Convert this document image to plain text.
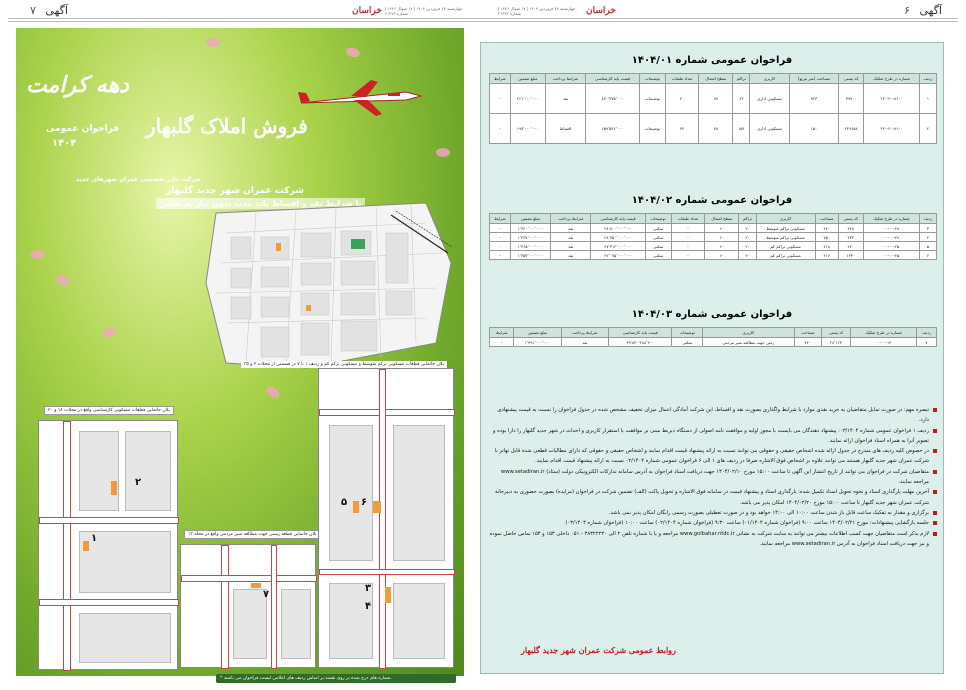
۷ آگهی	خراسان چهارشنبه ۲۷ فروردین ۱۴۰۴ | ۱۷ شوال ۱۴۴۶ | شماره ۲۱۳۷۶
چهارشنبه ۲۷ فروردین ۱۴۰۴ | ۱۷ شوال ۱۴۴۶ | شماره ۲۱۳۷۶	خراسان	آگهی ۶
دهه کرامت
فروش املاک گلبهار
فراخوان عمومی
۱۴۰۴
شرکت مادر تخصصی عمران شهرهای جدید
شرکت عمران شهر جدید گلبهار
با شرایط نقد و اقساط بلند مدت بدون نیاز به ضامن
پلان جانمایی قطعات مسکونی ترکم متوسط و مسکونی ترکم کم و ردیف ۱ تا ۷ در قسمتی از محلات ۲ و ۳۵
پلان جانمایی قطعات مسکونی کارشناسی واقع در محلات ۱۸ و ۲۰
۲
۱	پلان جانمایی قطعه رسنی جهت مطالعه سیر مردمی واقع در محله ۱۳
۷
۵ ۶
۳
۴
* شماره های درج شده بر روی نقشه بر اساس ردیف های اعلامی لیست فراخوان می باشند.
فراخوان عمومی شماره ۱۴۰۴/۰۱
شرایط	مبلغ تضمین	شرایط پرداخت	قیمت پایه کارشناسی	توضیحات	تعداد طبقات	سطح اشغال	تراکم	کاربری	مساحت (متر مربع)	کد پستی	شماره در طرح تفکیک	ردیف
-	۲۶۱٬۰۰۰٬۰۰۰	نقد	۸۷۰٬۳۷۵٬۰۰۰	توضیحات	۴۰	۷۸	۶۲	مسکونی اداری	۹۲۳	۳۹۷۰۰	۲۳۰-۲۰-۸۶۰۰	۱
-	۱۹۷٬۰۰۰٬۰۰۰	اقساط	۶۵۹٬۵۲۶٬۰۰۰	توضیحات	۳۴	۴۸	۱۵۴	مسکونی اداری	۱۵۰	۲۲۷۶۵۸	۲۳۰-۲۰-۸۶۰۰	۲
فراخوان عمومی شماره ۱۴۰۴/۰۲
شرایط	مبلغ تضمین	شرایط پرداخت	قیمت پایه کارشناسی	توضیحات	تعداد طبقات	سطح اشغال	تراکم	کاربری	مساحت	کد پستی	شماره در طرح تفکیک	ردیف
-	۱٬۴۴۰٬۰۰۰٬۰۰۰	نقد	۲۸٬۸۰۰٬۰۰۰٬۰۰۰	سکنی	-	۶۰	۲۰	مسکونی تراکم متوسط	۲۴۰	۲۲۸	۰۰-۰۰-۲۸	۳
-	۱٬۴۳۷٬۰۰۰٬۰۰۰	نقد	۲۸٬۷۵۰٬۰۰۰٬۰۰۰	سکنی	-	۶۰	۲۰	مسکونی تراکم متوسط	۲۵۰	۲۳۳	۰۰-۰۰-۲۸	۴
-	۱٬۳۶۵٬۰۰۰٬۰۰۰	نقد	۲۷٬۳۱۲٬۰۰۰٬۰۰۰	سکنی	-	۶۰	۲۰	مسکونی تراکم کم	۲۱۸	۲۲۰	۰۰-۰۰-۲۵	۵
-	۱٬۳۵۳٬۰۰۰٬۰۰۰	نقد	۲۷٬۰۷۵٬۰۰۰٬۰۰۰	سکنی	-	۶۰	۲۰	مسکونی تراکم کم	۲۱۷	۱۳۳۰	۰۰-۰۰-۲۵	۶
فراخوان عمومی شماره ۱۴۰۴/۰۳
شرایط	مبلغ تضمین	شرایط پرداخت	قیمت پایه کارشناسی	توضیحات	کاربری	مساحت	کد پستی	شماره در طرح تفکیک	ردیف
-	۱٬۴۹۱٬۰۰۰٬۰۰۰	نقد	۲۹٬۸۳۰٬۲۸۸٬۴۰۰	سکنی	زمین جهت مطالعه سیر مردمی	۴۴۰	۲۸٬۱۶۳	۰۰-۰۰-۱۳	۷
تبصره مهم: در صورت تمایل متقاضیان به خرید نقدی موارد با شرایط واگذاری بصورت نقد و اقساط، این شرکت آمادگی اعمال میزان تخفیف مشخص شده در جدول فراخوان را نسبت به قیمت پیشنهادی دارد.
ردیف ۱ فراخوان عمومی شماره ۰۳/۱۴۰۴: پیشنهاد دهندگان می بایست با مجوز اولیه و موافقت نامه اصولی از دستگاه ذیربط مبنی بر موافقت با استقرار کاربری و احداث در شهر جدید گلبهار را دارا بوده و تصویر آنرا به همراه اسناد فراخوان ارائه نمایند.
در خصوص کلیه ردیف های مندرج در جدول ارائه شده اشخاص حقیقی و حقوقی می توانند نسبت به ارائه پیشنهاد قیمت اقدام نمایند و اشخاص حقیقی و حقوقی که دارای مطالبات قطعی شده قابل تهاتر با شرکت عمران شهر جدید گلبهار هستند می توانند علاوه بر اشخاص فوق الاشاره صرفا در ردیف های ۱ الی ۶ فراخوان عمومی شماره ۰۲/۱۴۰۴ نسبت به ارائه پیشنهاد قیمت اقدام نمایند.
متقاضیان شرکت در فراخوان می توانند از تاریخ انتشار این آگهی تا ساعت ۱۵:۰۰ مورخ ۱۴۰۴/۰۲/۱۰ جهت دریافت اسناد فراخوان به آدرس سامانه تدارکات الکترونیکی دولت (ستاد) www.setadiran.ir مراجعه نمایند.
آخرین مهلت بارگذاری اسناد و نحوه تحویل اسناد تکمیل شده: بارگذاری اسناد و پیشنهاد قیمت در سامانه فوق الاشاره و تحویل پاکت (الف) تضمین شرکت در فراخوان (مزایده) بصورت حضوری به دبیرخانه شرکت عمران شهر جدید گلبهار تا ساعت ۱۵:۰۰ مورخ ۱۴۰۴/۰۲/۲۰ امکان پذیر می باشد.
برگزاری و مقدار به تفکیک ساعت قابل باز شدن ساعت ۱۰:۰۰ الی ۱۴:۰۰ خواهد بود و در صورت تعطیلی بصورت رسمی رایگان امکان پذیر نمی باشد.
جلسه بازگشایی پیشنهادات: مورخ ۱۴۰۴/۰۲/۲۱ ساعت ۹:۰۰ (فراخوان شماره ۰۱/۱۴۰۴) ساعت ۹:۳۰ (فراخوان شماره ۰۲/۱۴۰۴) ساعت ۱۰:۰۰ (فراخوان شماره ۰۳/۱۴۰۴)
لازم بذکر است متقاضیان جهت کسب اطلاعات بیشتر می توانند به سایت شرکت به نشانی www.golbahar.ntdc.ir مراجعه و یا با شماره تلفن ۲ الی ۳۸۳۲۲۲۳۰ - ۰۵۱ داخلی ۱۵۳ و ۱۵۴ تماس حاصل نموده و نیز جهت دریافت اسناد فراخوان به آدرس www.setadiran.ir مراجعه نمایند.
روابط عمومی شرکت عمران شهر جدید گلبهار
